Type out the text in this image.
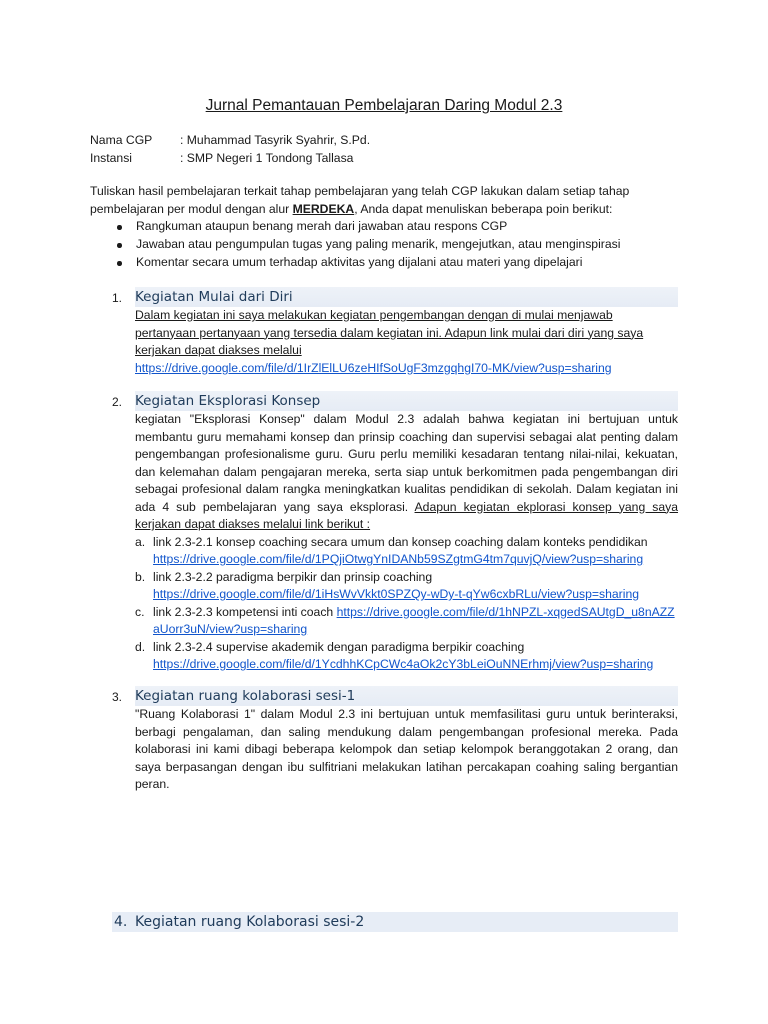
Jurnal Pemantauan Pembelajaran Daring Modul 2.3
Nama CGP	: Muhammad Tasyrik Syahrir, S.Pd.
Instansi	: SMP Negeri 1 Tondong Tallasa

Tuliskan hasil pembelajaran terkait tahap pembelajaran yang telah CGP lakukan dalam setiap tahap

pembelajaran per modul dengan alur MERDEKA, Anda dapat menuliskan beberapa poin berikut:

Rangkuman ataupun benang merah dari jawaban atau respons CGP
Jawaban atau pengumpulan tugas yang paling menarik, mengejutkan, atau menginspirasi
Komentar secara umum terhadap aktivitas yang dijalani atau materi yang dipelajari
1. Kegiatan Mulai dari Diri
Dalam kegiatan ini saya melakukan kegiatan pengembangan dengan di mulai menjawab
pertanyaan pertanyaan yang tersedia dalam kegiatan ini. Adapun link mulai dari diri yang saya
kerjakan dapat diakses melalui
https://drive.google.com/file/d/1IrZlElLU6zeHIfSoUgF3mzgqhgI70-MK/view?usp=sharing
2. Kegiatan Eksplorasi Konsep
kegiatan "Eksplorasi Konsep" dalam Modul 2.3 adalah bahwa kegiatan ini bertujuan untuk membantu guru memahami konsep dan prinsip coaching dan supervisi sebagai alat penting dalam pengembangan profesionalisme guru. Guru perlu memiliki kesadaran tentang nilai-nilai, kekuatan, dan kelemahan dalam pengajaran mereka, serta siap untuk berkomitmen pada pengembangan diri sebagai profesional dalam rangka meningkatkan kualitas pendidikan di sekolah. Dalam kegiatan ini ada 4 sub pembelajaran yang saya eksplorasi. Adapun kegiatan ekplorasi konsep yang saya kerjakan dapat diakses melalui link berikut :
a. link 2.3-2.1 konsep coaching secara umum dan konsep coaching dalam konteks pendidikan
https://drive.google.com/file/d/1PQjiOtwgYnIDANb59SZgtmG4tm7quvjQ/view?usp=sharing
b. link 2.3-2.2 paradigma berpikir dan prinsip coaching
https://drive.google.com/file/d/1iHsWvVkkt0SPZQy-wDy-t-qYw6cxbRLu/view?usp=sharing
c. link 2.3-2.3 kompetensi inti coach https://drive.google.com/file/d/1hNPZL-xqgedSAUtgD_u8nAZZaUorr3uN/view?usp=sharing
d. link 2.3-2.4 supervise akademik dengan paradigma berpikir coaching
https://drive.google.com/file/d/1YcdhhKCpCWc4aOk2cY3bLeiOuNNErhmj/view?usp=sharing
3. Kegiatan ruang kolaborasi sesi-1
"Ruang Kolaborasi 1" dalam Modul 2.3 ini bertujuan untuk memfasilitasi guru untuk berinteraksi, berbagi pengalaman, dan saling mendukung dalam pengembangan profesional mereka. Pada kolaborasi ini kami dibagi beberapa kelompok dan setiap kelompok beranggotakan 2 orang, dan saya berpasangan dengan ibu sulfitriani melakukan latihan percakapan coahing saling bergantian peran.
4. Kegiatan ruang Kolaborasi sesi-2
